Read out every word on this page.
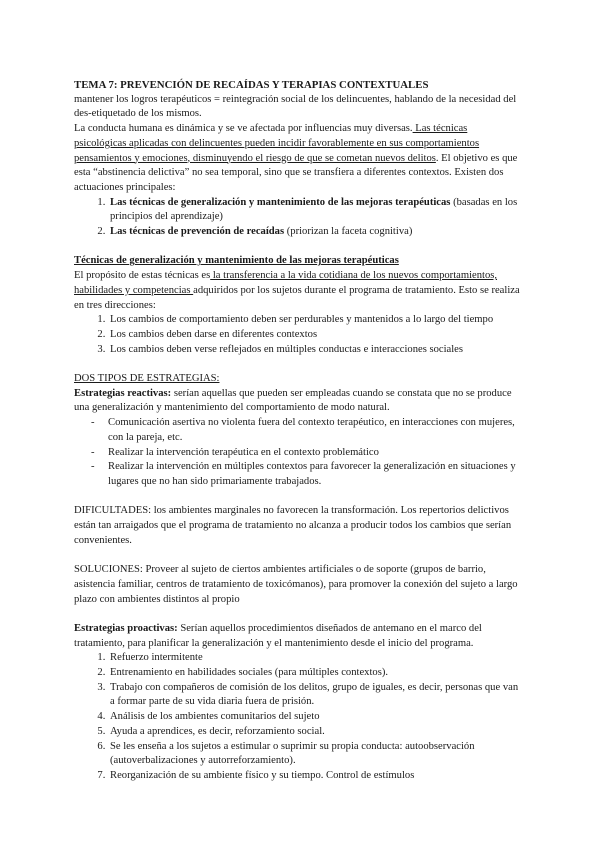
TEMA 7: PREVENCIÓN DE RECAÍDAS Y TERAPIAS CONTEXTUALES

mantener los logros terapéuticos = reintegración social de los delincuentes, hablando de la necesidad del des-etiquetado de los mismos.

La conducta humana es dinámica y se ve afectada por influencias muy diversas. Las técnicas psicológicas aplicadas con delincuentes pueden incidir favorablemente en sus comportamientos pensamientos y emociones, disminuyendo el riesgo de que se cometan nuevos delitos. El objetivo es que esta “abstinencia delictiva” no sea temporal, sino que se transfiera a diferentes contextos. Existen dos actuaciones principales:

1. Las técnicas de generalización y mantenimiento de las mejoras terapéuticas (basadas en los principios del aprendizaje)
2. Las técnicas de prevención de recaídas (priorizan la faceta cognitiva)

Técnicas de generalización y mantenimiento de las mejoras terapéuticas

El propósito de estas técnicas es la transferencia a la vida cotidiana de los nuevos comportamientos, habilidades y competencias adquiridos por los sujetos durante el programa de tratamiento. Esto se realiza en tres direcciones:

1. Los cambios de comportamiento deben ser perdurables y mantenidos a lo largo del tiempo
2. Los cambios deben darse en diferentes contextos
3. Los cambios deben verse reflejados en múltiples conductas e interacciones sociales

DOS TIPOS DE ESTRATEGIAS:

Estrategias reactivas: serían aquellas que pueden ser empleadas cuando se constata que no se produce una generalización y mantenimiento del comportamiento de modo natural.

- Comunicación asertiva no violenta fuera del contexto terapéutico, en interacciones con mujeres, con la pareja, etc.
- Realizar la intervención terapéutica en el contexto problemático
- Realizar la intervención en múltiples contextos para favorecer la generalización en situaciones y lugares que no han sido primariamente trabajados.

DIFICULTADES: los ambientes marginales no favorecen la transformación. Los repertorios delictivos están tan arraigados que el programa de tratamiento no alcanza a producir todos los cambios que serían convenientes.

SOLUCIONES: Proveer al sujeto de ciertos ambientes artificiales o de soporte (grupos de barrio, asistencia familiar, centros de tratamiento de toxicómanos), para promover la conexión del sujeto a largo plazo con ambientes distintos al propio

Estrategias proactivas: Serían aquellos procedimientos diseñados de antemano en el marco del tratamiento, para planificar la generalización y el mantenimiento desde el inicio del programa.

1. Refuerzo intermitente
2. Entrenamiento en habilidades sociales (para múltiples contextos).
3. Trabajo con compañeros de comisión de los delitos, grupo de iguales, es decir, personas que van a formar parte de su vida diaria fuera de prisión.
4. Análisis de los ambientes comunitarios del sujeto
5. Ayuda a aprendices, es decir, reforzamiento social.
6. Se les enseña a los sujetos a estimular o suprimir su propia conducta: autoobservación (autoverbalizaciones y autorreforzamiento).
7. Reorganización de su ambiente físico y su tiempo. Control de estímulos
